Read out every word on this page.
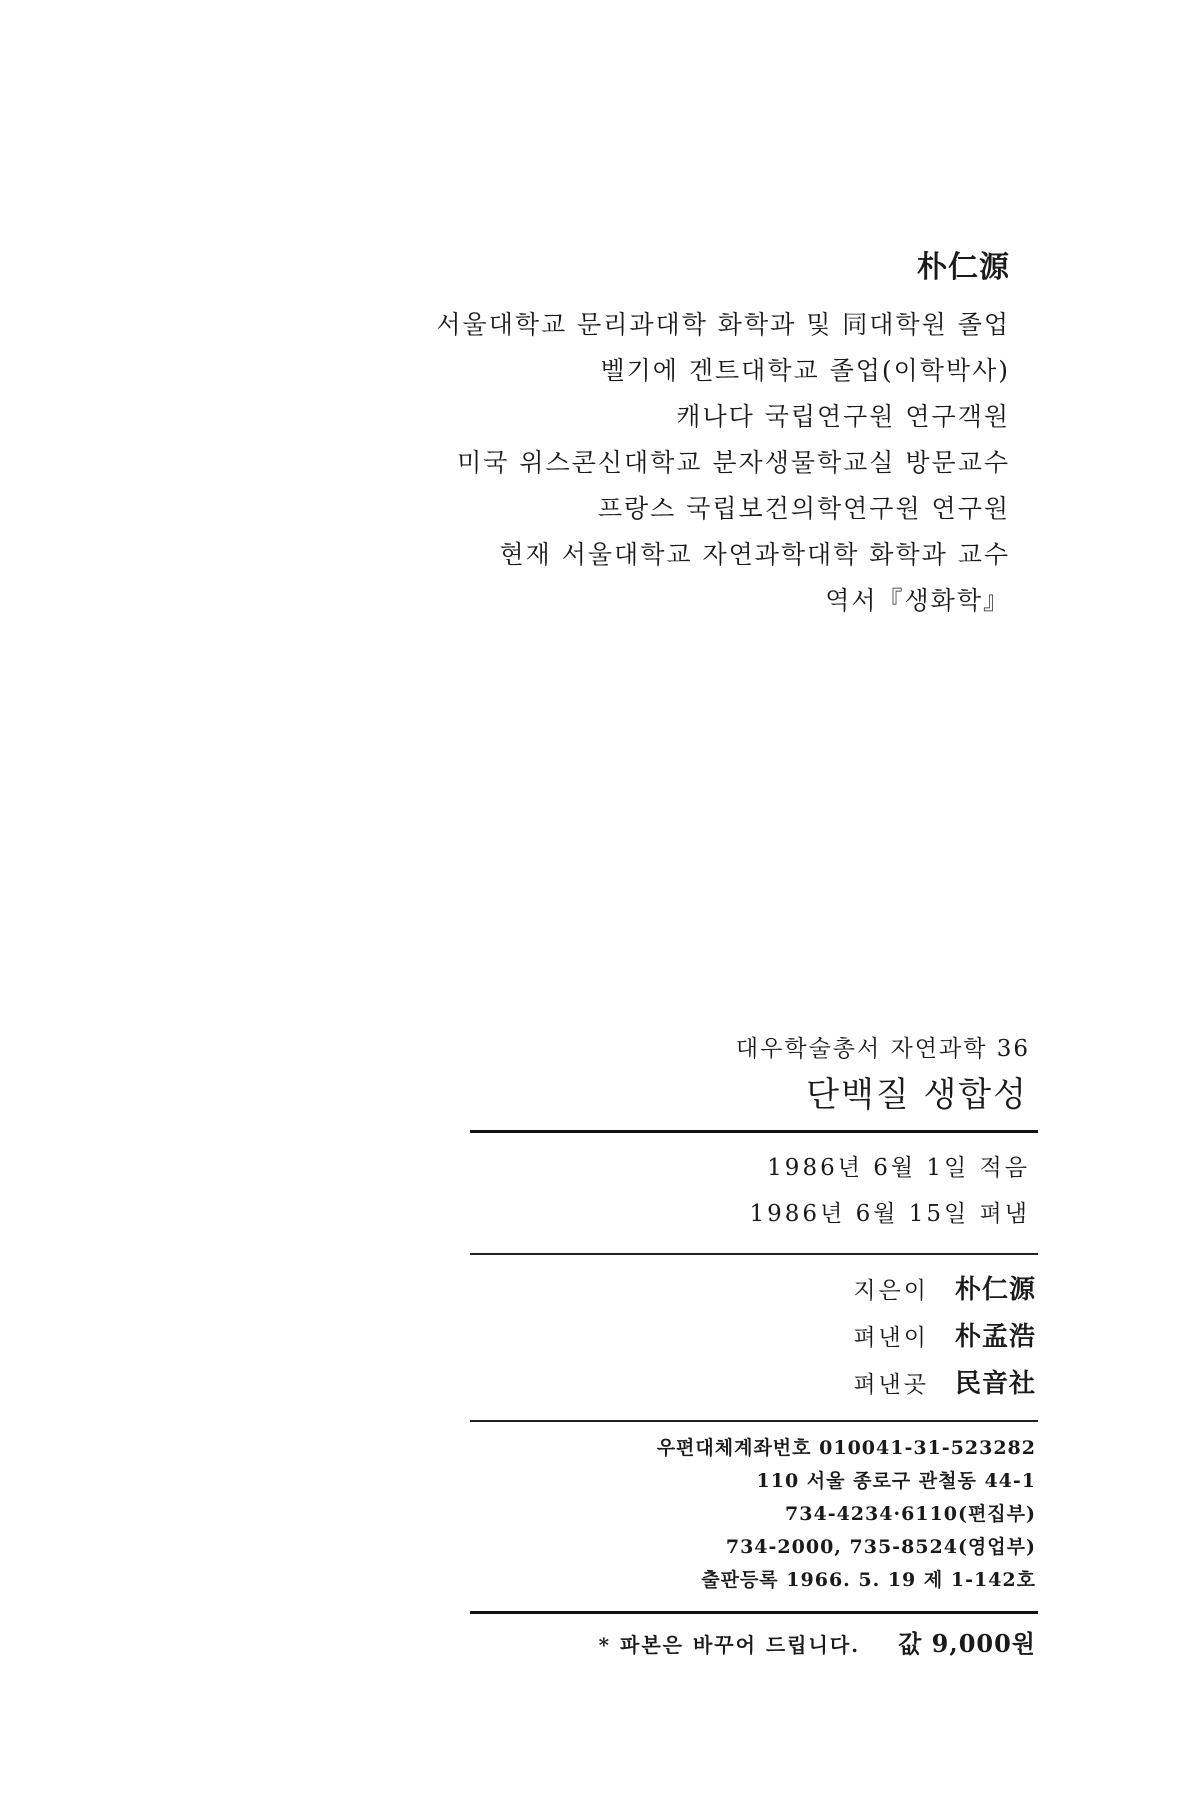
朴仁源
서울대학교 문리과대학 화학과 및 同대학원 졸업
벨기에 겐트대학교 졸업(이학박사)
캐나다 국립연구원 연구객원
미국 위스콘신대학교 분자생물학교실 방문교수
프랑스 국립보건의학연구원 연구원
현재 서울대학교 자연과학대학 화학과 교수
역서『생화학』
대우학술총서 자연과학 36
단백질 생합성
1986년 6월 1일 적음
1986년 6월 15일 펴냄
지은이 朴仁源
펴낸이 朴孟浩
펴낸곳 民音社
우편대체계좌번호 010041-31-523282
110 서울 종로구 관철동 44-1
734-4234·6110(편집부)
734-2000, 735-8524(영업부)
출판등록 1966. 5. 19 제 1-142호
* 파본은 바꾸어 드립니다. 값 9,000원
